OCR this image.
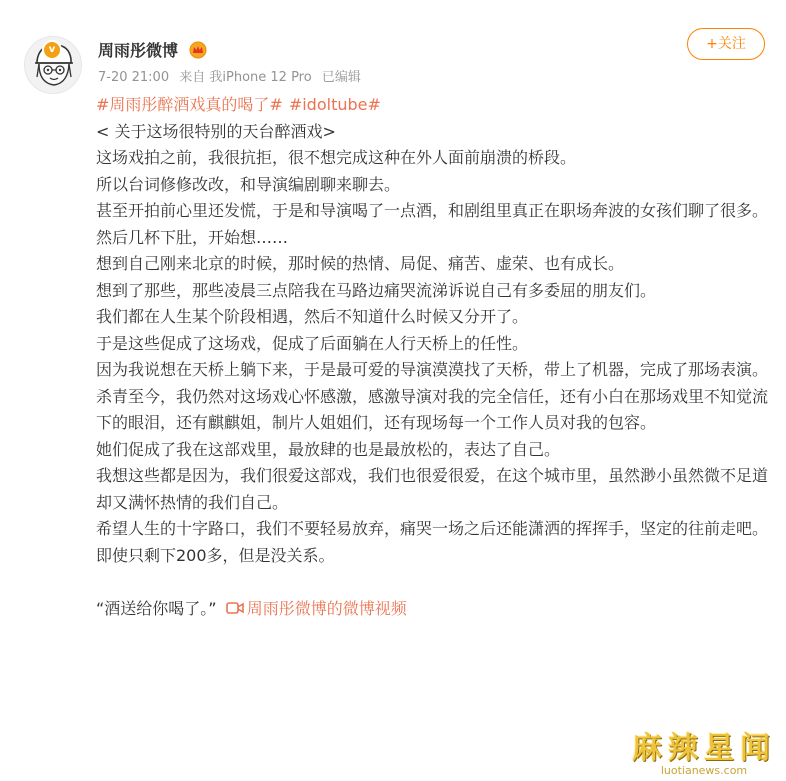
v	周雨彤微博
7-20 21:00 来自 我iPhone 12 Pro 已编辑
+关注

#周雨彤醉酒戏真的喝了# #idoltube#

< 关于这场很特别的天台醉酒戏>

这场戏拍之前，我很抗拒，很不想完成这种在外人面前崩溃的桥段。

所以台词修修改改，和导演编剧聊来聊去。

甚至开拍前心里还发慌，于是和导演喝了一点酒，和剧组里真正在职场奔波的女孩们聊了很多。

然后几杯下肚，开始想……

想到自己刚来北京的时候，那时候的热情、局促、痛苦、虚荣、也有成长。

想到了那些，那些凌晨三点陪我在马路边痛哭流涕诉说自己有多委屈的朋友们。

我们都在人生某个阶段相遇，然后不知道什么时候又分开了。

于是这些促成了这场戏，促成了后面躺在人行天桥上的任性。

因为我说想在天桥上躺下来，于是最可爱的导演漠漠找了天桥，带上了机器，完成了那场表演。

杀青至今，我仍然对这场戏心怀感激，感激导演对我的完全信任，还有小白在那场戏里不知觉流下的眼泪，还有麒麒姐，制片人姐姐们，还有现场每一个工作人员对我的包容。

她们促成了我在这部戏里，最放肆的也是最放松的，表达了自己。

我想这些都是因为，我们很爱这部戏，我们也很爱很爱，在这个城市里，虽然渺小虽然微不足道却又满怀热情的我们自己。

希望人生的十字路口，我们不要轻易放弃，痛哭一场之后还能潇洒的挥挥手，坚定的往前走吧。即使只剩下200多，但是没关系。

“酒送给你喝了。” 周雨彤微博的微博视频

麻辣星闻
luotianews.com
